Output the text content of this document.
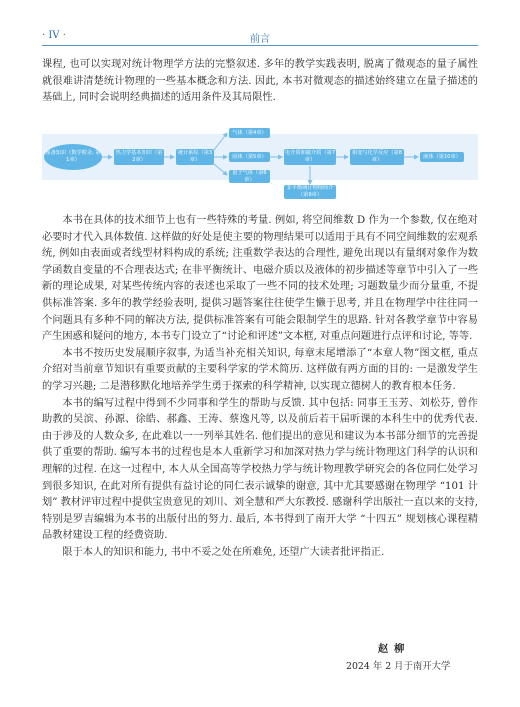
· IV ·	前言

课程, 也可以实现对统计物理学方法的完整叙述. 多年的教学实践表明, 脱离了微观态的量子属性就很难讲清楚统计物理的一些基本概念和方法. 因此, 本书对微观态的描述始终建立在量子描述的基础上, 同时会说明经典描述的适用条件及其局限性.

预备知识（数学附录, 第1章）
热力学基本知识（第2章）
统计系综（第3章）
气体（第4章）
固体（第5章）
量子气体（第6章）
电介质和磁介质（第7章）
相变与化学反应（第8章）
液体（第10章）
非平衡统计物理简介（第9章）

本书在具体的技术细节上也有一些特殊的考量. 例如, 将空间维数 D 作为一个参数, 仅在绝对必要时才代入具体数值. 这样做的好处是使主要的物理结果可以适用于具有不同空间维数的宏观系统, 例如由表面或者线型材料构成的系统; 注重数学表达的合理性, 避免出现以有量纲对象作为数学函数自变量的不合理表达式; 在非平衡统计、电磁介质以及液体的初步描述等章节中引入了一些新的理论成果, 对某些传统内容的表述也采取了一些不同的技术处理; 习题数量少而分量重, 不提供标准答案. 多年的教学经验表明, 提供习题答案往往使学生懒于思考, 并且在物理学中往往同一个问题具有多种不同的解决方法, 提供标准答案有可能会限制学生的思路. 针对各教学章节中容易产生困惑和疑问的地方, 本书专门设立了“讨论和评述”文本框, 对重点问题进行点评和讨论, 等等.

本书不按历史发展顺序叙事, 为适当补充相关知识, 每章末尾增添了“本章人物”图文框, 重点介绍对当前章节知识有重要贡献的主要科学家的学术简历. 这样做有两方面的目的: 一是激发学生的学习兴趣; 二是潜移默化地培养学生勇于探索的科学精神, 以实现立德树人的教育根本任务.

本书的编写过程中得到不少同事和学生的帮助与反馈. 其中包括: 同事王玉芳、刘松芬, 曾作助教的吴滨、孙源、徐皓、郝鑫、王涛、蔡逸凡等, 以及前后若干届听课的本科生中的优秀代表. 由于涉及的人数众多, 在此难以一一列举其姓名. 他们提出的意见和建议为本书部分细节的完善提供了重要的帮助. 编写本书的过程也是本人重新学习和加深对热力学与统计物理这门科学的认识和理解的过程. 在这一过程中, 本人从全国高等学校热力学与统计物理教学研究会的各位同仁处学习到很多知识, 在此对所有提供有益讨论的同仁表示诚挚的谢意, 其中尤其要感谢在物理学 “101 计划” 教材评审过程中提供宝贵意见的刘川、刘全慧和严大东教授. 感谢科学出版社一直以来的支持, 特别是罗吉编辑为本书的出版付出的努力. 最后, 本书得到了南开大学 “十四五” 规划核心课程精品教材建设工程的经费资助.

限于本人的知识和能力, 书中不妥之处在所难免, 还望广大读者批评指正.

赵柳
2024 年 2 月于南开大学
